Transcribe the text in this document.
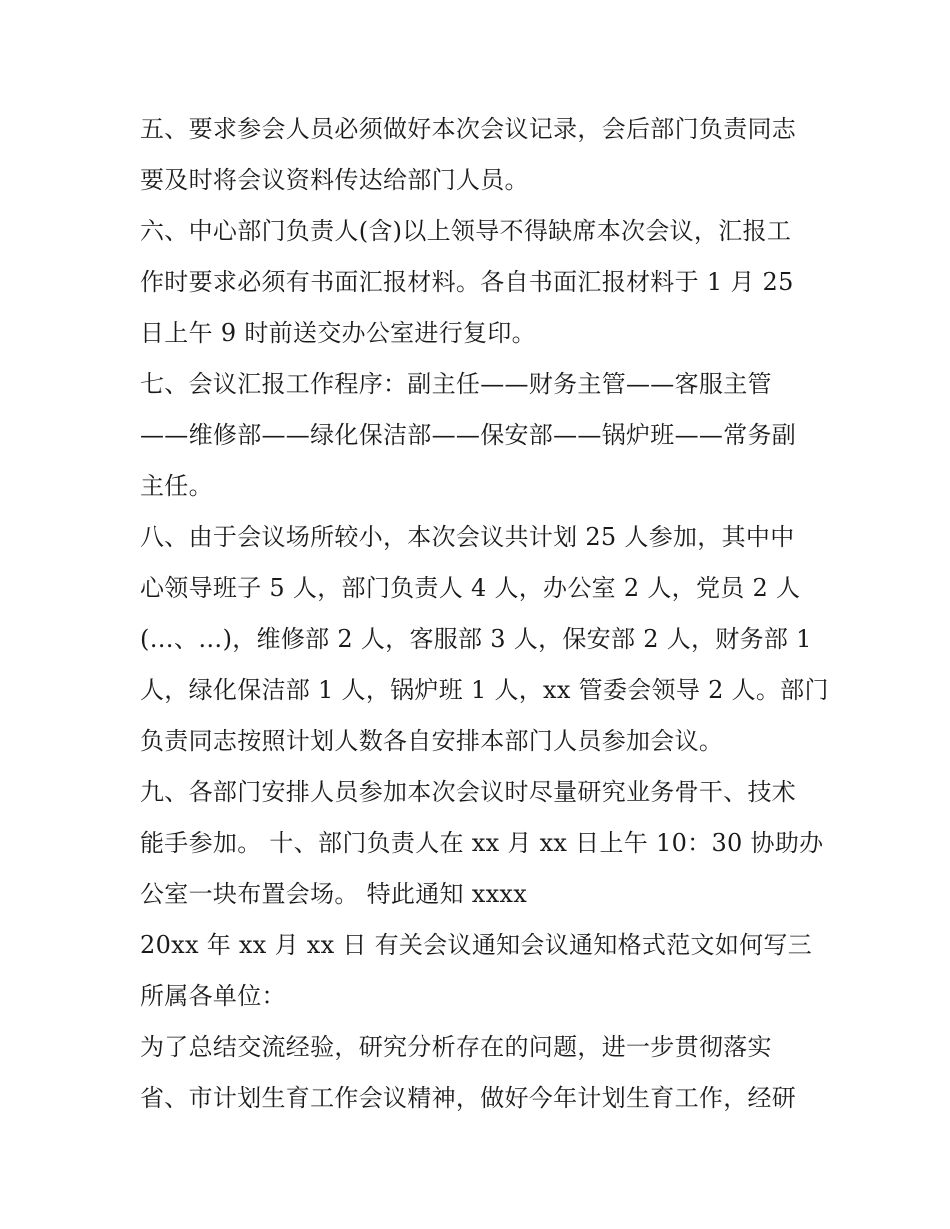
五、要求参会人员必须做好本次会议记录，会后部门负责同志
要及时将会议资料传达给部门人员。
六、中心部门负责人(含)以上领导不得缺席本次会议，汇报工
作时要求必须有书面汇报材料。各自书面汇报材料于 1 月 25
日上午 9 时前送交办公室进行复印。
七、会议汇报工作程序：副主任——财务主管——客服主管
——维修部——绿化保洁部——保安部——锅炉班——常务副
主任。
八、由于会议场所较小，本次会议共计划 25 人参加，其中中
心领导班子 5 人，部门负责人 4 人，办公室 2 人，党员 2 人
(…、…)，维修部 2 人，客服部 3 人，保安部 2 人，财务部 1
人，绿化保洁部 1 人，锅炉班 1 人，xx 管委会领导 2 人。部门
负责同志按照计划人数各自安排本部门人员参加会议。
九、各部门安排人员参加本次会议时尽量研究业务骨干、技术
能手参加。 十、部门负责人在 xx 月 xx 日上午 10：30 协助办
公室一块布置会场。 特此通知 xxxx
20xx 年 xx 月 xx 日 有关会议通知会议通知格式范文如何写三
所属各单位：
为了总结交流经验，研究分析存在的问题，进一步贯彻落实
省、市计划生育工作会议精神，做好今年计划生育工作，经研
